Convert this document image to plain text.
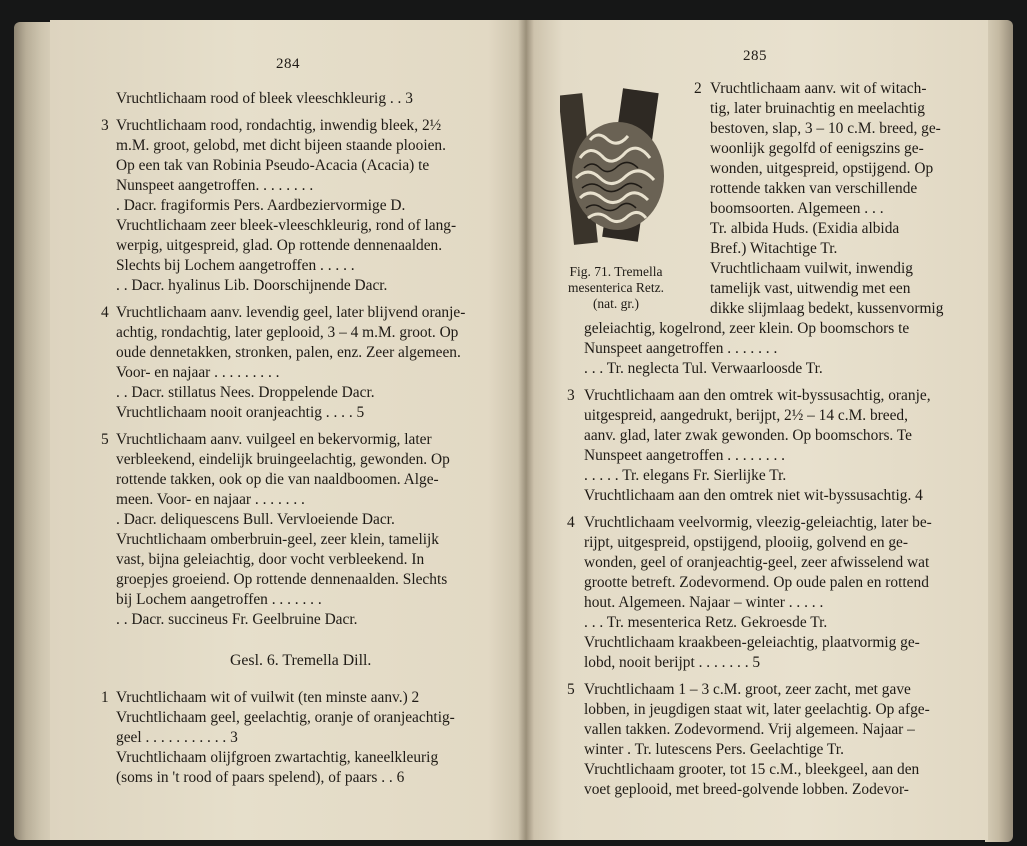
284
Vruchtlichaam rood of bleek vleeschkleurig . . 3
3 Vruchtlichaam rood, rondachtig, inwendig bleek, 2½
m.M. groot, gelobd, met dicht bijeen staande plooien.
Op een tak van Robinia Pseudo-Acacia (Acacia) te
Nunspeet aangetroffen. . . . . . . .
. Dacr. fragiformis Pers. Aardbeziervormige D.
Vruchtlichaam zeer bleek-vleeschkleurig, rond of lang-
werpig, uitgespreid, glad. Op rottende dennenaalden.
Slechts bij Lochem aangetroffen . . . . .
. . Dacr. hyalinus Lib. Doorschijnende Dacr.
4 Vruchtlichaam aanv. levendig geel, later blijvend oranje-
achtig, rondachtig, later geplooid, 3 – 4 m.M. groot. Op
oude dennetakken, stronken, palen, enz. Zeer algemeen.
Voor- en najaar . . . . . . . . .
. . Dacr. stillatus Nees. Droppelende Dacr.
Vruchtlichaam nooit oranjeachtig . . . . 5
5 Vruchtlichaam aanv. vuilgeel en bekervormig, later
verbleekend, eindelijk bruingeelachtig, gewonden. Op
rottende takken, ook op die van naaldboomen. Alge-
meen. Voor- en najaar . . . . . . .
. Dacr. deliquescens Bull. Vervloeiende Dacr.
Vruchtlichaam omberbruin-geel, zeer klein, tamelijk
vast, bijna geleiachtig, door vocht verbleekend. In
groepjes groeiend. Op rottende dennenaalden. Slechts
bij Lochem aangetroffen . . . . . . .
. . Dacr. succineus Fr. Geelbruine Dacr.
Gesl. 6. Tremella Dill.
1 Vruchtlichaam wit of vuilwit (ten minste aanv.) 2
Vruchtlichaam geel, geelachtig, oranje of oranjeachtig-
geel . . . . . . . . . . . 3
Vruchtlichaam olijfgroen zwartachtig, kaneelkleurig
(soms in 't rood of paars spelend), of paars . . 6
285
Fig. 71. Tremella
mesenterica Retz.
(nat. gr.)
2 Vruchtlichaam aanv. wit of witach-
tig, later bruinachtig en meelachtig
bestoven, slap, 3 – 10 c.M. breed, ge-
woonlijk gegolfd of eenigszins ge-
wonden, uitgespreid, opstijgend. Op
rottende takken van verschillende
boomsoorten. Algemeen . . .
Tr. albida Huds. (Exidia albida
Bref.) Witachtige Tr.
Vruchtlichaam vuilwit, inwendig
tamelijk vast, uitwendig met een
dikke slijmlaag bedekt, kussenvormig
geleiachtig, kogelrond, zeer klein. Op boomschors te
Nunspeet aangetroffen . . . . . . .
. . . Tr. neglecta Tul. Verwaarloosde Tr.
3 Vruchtlichaam aan den omtrek wit-byssusachtig, oranje,
uitgespreid, aangedrukt, berijpt, 2½ – 14 c.M. breed,
aanv. glad, later zwak gewonden. Op boomschors. Te
Nunspeet aangetroffen . . . . . . . .
. . . . . Tr. elegans Fr. Sierlijke Tr.
Vruchtlichaam aan den omtrek niet wit-byssusachtig. 4
4 Vruchtlichaam veelvormig, vleezig-geleiachtig, later be-
rijpt, uitgespreid, opstijgend, plooiig, golvend en ge-
wonden, geel of oranjeachtig-geel, zeer afwisselend wat
grootte betreft. Zodevormend. Op oude palen en rottend
hout. Algemeen. Najaar – winter . . . . .
. . . Tr. mesenterica Retz. Gekroesde Tr.
Vruchtlichaam kraakbeen-geleiachtig, plaatvormig ge-
lobd, nooit berijpt . . . . . . . 5
5 Vruchtlichaam 1 – 3 c.M. groot, zeer zacht, met gave
lobben, in jeugdigen staat wit, later geelachtig. Op afge-
vallen takken. Zodevormend. Vrij algemeen. Najaar –
winter . Tr. lutescens Pers. Geelachtige Tr.
Vruchtlichaam grooter, tot 15 c.M., bleekgeel, aan den
voet geplooid, met breed-golvende lobben. Zodevor-
